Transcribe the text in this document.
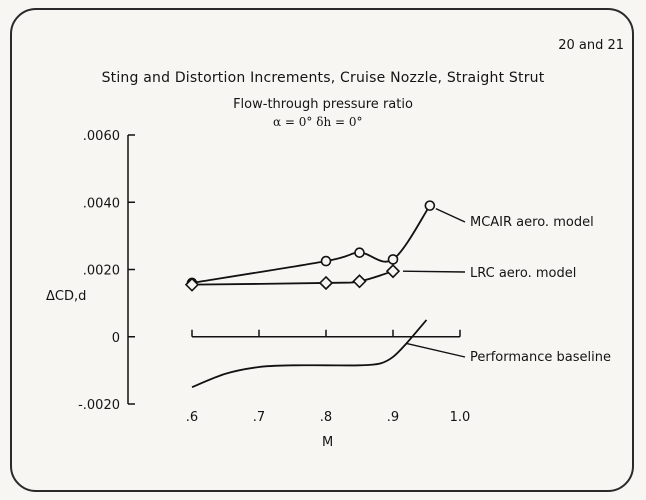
20 and 21
Sting and Distortion Increments, Cruise Nozzle, Straight Strut
Flow-through pressure ratio
α = 0° δh = 0°
ΔCD,d
M
-.0020
0
.0020
.0040
.0060
.6	.7	.8	.9	1.0
MCAIR aero. model
LRC aero. model
Performance baseline
